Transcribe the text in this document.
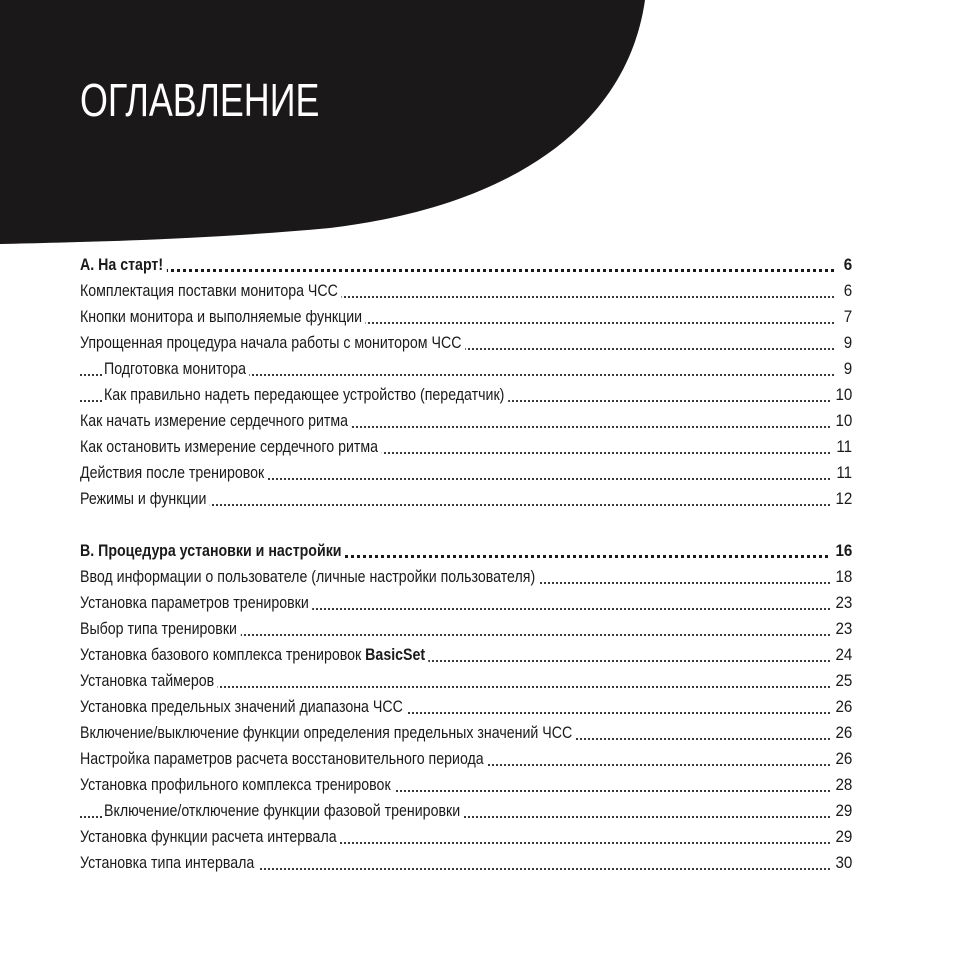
ОГЛАВЛЕНИЕ
A. На старт!	6
Комплектация поставки монитора ЧСС	6
Кнопки монитора и выполняемые функции	7
Упрощенная процедура начала работы с монитором ЧСС	9
Подготовка монитора	9
Как правильно надеть передающее устройство (передатчик)	10
Как начать измерение сердечного ритма	10
Как остановить измерение сердечного ритма	11
Действия после тренировок	11
Режимы и функции	12
B. Процедура установки и настройки	16
Ввод информации о пользователе (личные настройки пользователя)	18
Установка параметров тренировки	23
Выбор типа тренировки	23
Установка базового комплекса тренировок BasicSet	24
Установка таймеров	25
Установка предельных значений диапазона ЧСС	26
Включение/выключение функции определения предельных значений ЧСС	26
Настройка параметров расчета восстановительного периода	26
Установка профильного комплекса тренировок	28
Включение/отключение функции фазовой тренировки	29
Установка функции расчета интервала	29
Установка типа интервала	30
